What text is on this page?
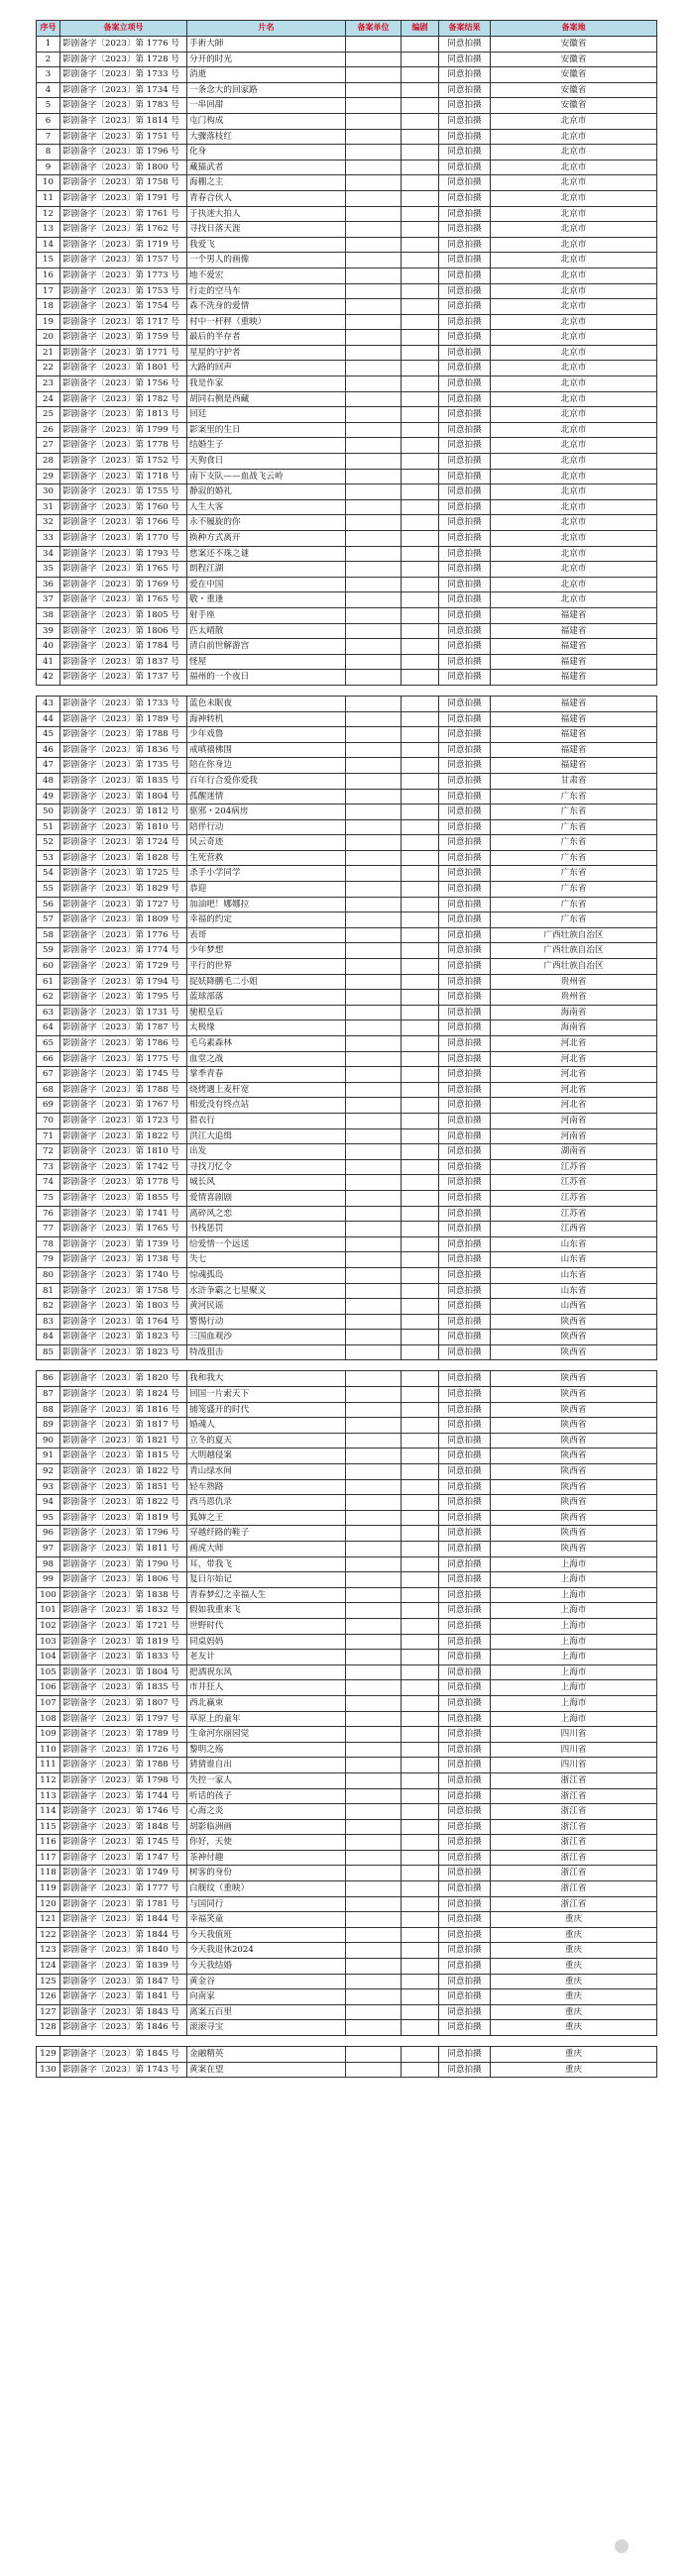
序号	备案立项号	片名	备案单位	编剧	备案结果	备案地
1	影剧备字〔2023〕第 1776 号	手術大師			同意拍摄	安徽省
2	影剧备字〔2023〕第 1728 号	分开的时光			同意拍摄	安徽省
3	影剧备字〔2023〕第 1733 号	消逝			同意拍摄	安徽省
4	影剧备字〔2023〕第 1734 号	一条念大的回家路			同意拍摄	安徽省
5	影剧备字〔2023〕第 1783 号	一串回甜			同意拍摄	安徽省
6	影剧备字〔2023〕第 1814 号	屯门构成			同意拍摄	北京市
7	影剧备字〔2023〕第 1751 号	大骤落枝红			同意拍摄	北京市
8	影剧备字〔2023〕第 1796 号	化身			同意拍摄	北京市
9	影剧备字〔2023〕第 1800 号	藏猫武者			同意拍摄	北京市
10	影剧备字〔2023〕第 1758 号	海棚之主			同意拍摄	北京市
11	影剧备字〔2023〕第 1791 号	青春合伙人			同意拍摄	北京市
12	影剧备字〔2023〕第 1761 号	于执迷大拍人			同意拍摄	北京市
13	影剧备字〔2023〕第 1762 号	寻找日落天涯			同意拍摄	北京市
14	影剧备字〔2023〕第 1719 号	我爱飞			同意拍摄	北京市
15	影剧备字〔2023〕第 1757 号	一个男人的画像			同意拍摄	北京市
16	影剧备字〔2023〕第 1773 号	地不爱宏			同意拍摄	北京市
17	影剧备字〔2023〕第 1753 号	行走的空马车			同意拍摄	北京市
18	影剧备字〔2023〕第 1754 号	森不洗身的爱情			同意拍摄	北京市
19	影剧备字〔2023〕第 1717 号	村中一杆秤（重映）			同意拍摄	北京市
20	影剧备字〔2023〕第 1759 号	最后的半存者			同意拍摄	北京市
21	影剧备字〔2023〕第 1771 号	星星的守护者			同意拍摄	北京市
22	影剧备字〔2023〕第 1801 号	大路的回声			同意拍摄	北京市
23	影剧备字〔2023〕第 1756 号	我是作家			同意拍摄	北京市
24	影剧备字〔2023〕第 1782 号	胡同右侧是西藏			同意拍摄	北京市
25	影剧备字〔2023〕第 1813 号	回廷			同意拍摄	北京市
26	影剧备字〔2023〕第 1799 号	影案里的生日			同意拍摄	北京市
27	影剧备字〔2023〕第 1778 号	结婚生子			同意拍摄	北京市
28	影剧备字〔2023〕第 1752 号	天狗食日			同意拍摄	北京市
29	影剧备字〔2023〕第 1718 号	南下支队——血战飞云岭			同意拍摄	北京市
30	影剧备字〔2023〕第 1755 号	静寂的婚礼			同意拍摄	北京市
31	影剧备字〔2023〕第 1760 号	人生大客			同意拍摄	北京市
32	影剧备字〔2023〕第 1766 号	永不履旋的你			同意拍摄	北京市
33	影剧备字〔2023〕第 1770 号	换种方式离开			同意拍摄	北京市
34	影剧备字〔2023〕第 1793 号	慈案还不珠之谜			同意拍摄	北京市
35	影剧备字〔2023〕第 1765 号	朗程江湖			同意拍摄	北京市
36	影剧备字〔2023〕第 1769 号	爱在中国			同意拍摄	北京市
37	影剧备字〔2023〕第 1765 号	敬・重逢			同意拍摄	北京市
38	影剧备字〔2023〕第 1805 号	射手座			同意拍摄	福建省
39	影剧备字〔2023〕第 1806 号	匹太晴散			同意拍摄	福建省
40	影剧备字〔2023〕第 1784 号	清白前世解游宫			同意拍摄	福建省
41	影剧备字〔2023〕第 1837 号	怪屋			同意拍摄	福建省
42	影剧备字〔2023〕第 1737 号	福州的一个夜日			同意拍摄	福建省
43	影剧备字〔2023〕第 1733 号	蓝色未眠夜			同意拍摄	福建省
44	影剧备字〔2023〕第 1789 号	海神转机			同意拍摄	福建省
45	影剧备字〔2023〕第 1788 号	少年戏鲁			同意拍摄	福建省
46	影剧备字〔2023〕第 1836 号	戒嗔禧佛围			同意拍摄	福建省
47	影剧备字〔2023〕第 1735 号	陪在你身边			同意拍摄	福建省
48	影剧备字〔2023〕第 1835 号	百年行合爱你爱我			同意拍摄	甘肃省
49	影剧备字〔2023〕第 1804 号	孤醒迷情			同意拍摄	广东省
50	影剧备字〔2023〕第 1812 号	驱邪・204病房			同意拍摄	广东省
51	影剧备字〔2023〕第 1810 号	陪伴行动			同意拍摄	广东省
52	影剧备字〔2023〕第 1724 号	风云奇迹			同意拍摄	广东省
53	影剧备字〔2023〕第 1828 号	生死营救			同意拍摄	广东省
54	影剧备字〔2023〕第 1725 号	杀手小学同学			同意拍摄	广东省
55	影剧备字〔2023〕第 1829 号	恭迎			同意拍摄	广东省
56	影剧备字〔2023〕第 1727 号	加油吧！娜娜拉			同意拍摄	广东省
57	影剧备字〔2023〕第 1809 号	幸福的约定			同意拍摄	广东省
58	影剧备字〔2023〕第 1776 号	表哥			同意拍摄	广西壮族自治区
59	影剧备字〔2023〕第 1774 号	少年梦想			同意拍摄	广西壮族自治区
60	影剧备字〔2023〕第 1729 号	平行的世界			同意拍摄	广西壮族自治区
61	影剧备字〔2023〕第 1794 号	捉妖降鹏毛二小姐			同意拍摄	贵州省
62	影剧备字〔2023〕第 1795 号	蓝球部落			同意拍摄	贵州省
63	影剧备字〔2023〕第 1731 号	驰根皇后			同意拍摄	海南省
64	影剧备字〔2023〕第 1787 号	太极缘			同意拍摄	海南省
65	影剧备字〔2023〕第 1786 号	毛乌素森林			同意拍摄	河北省
66	影剧备字〔2023〕第 1775 号	血堂之战			同意拍摄	河北省
67	影剧备字〔2023〕第 1745 号	掌季青春			同意拍摄	河北省
68	影剧备字〔2023〕第 1788 号	烧烤遇上麦杆宽			同意拍摄	河北省
69	影剧备字〔2023〕第 1767 号	相爱没有终点站			同意拍摄	河北省
70	影剧备字〔2023〕第 1723 号	猎衣行			同意拍摄	河南省
71	影剧备字〔2023〕第 1822 号	洪江大追缉			同意拍摄	河南省
72	影剧备字〔2023〕第 1810 号	出发			同意拍摄	湖南省
73	影剧备字〔2023〕第 1742 号	寻找刀忆令			同意拍摄	江苏省
74	影剧备字〔2023〕第 1778 号	城长风			同意拍摄	江苏省
75	影剧备字〔2023〕第 1855 号	爱情喜剧剧			同意拍摄	江苏省
76	影剧备字〔2023〕第 1741 号	离碎风之恋			同意拍摄	江苏省
77	影剧备字〔2023〕第 1765 号	书栈惩罚			同意拍摄	江西省
78	影剧备字〔2023〕第 1739 号	给爱情一个远送			同意拍摄	山东省
79	影剧备字〔2023〕第 1738 号	失七			同意拍摄	山东省
80	影剧备字〔2023〕第 1740 号	惊魂孤岛			同意拍摄	山东省
81	影剧备字〔2023〕第 1758 号	水浒争霸之七星聚义			同意拍摄	山东省
82	影剧备字〔2023〕第 1803 号	黄河民谣			同意拍摄	山西省
83	影剧备字〔2023〕第 1764 号	警惕行动			同意拍摄	陕西省
84	影剧备字〔2023〕第 1823 号	三国血观沙			同意拍摄	陕西省
85	影剧备字〔2023〕第 1823 号	特战狙击			同意拍摄	陕西省
86	影剧备字〔2023〕第 1820 号	我和我大			同意拍摄	陕西省
87	影剧备字〔2023〕第 1824 号	回国一片索天下			同意拍摄	陕西省
88	影剧备字〔2023〕第 1816 号	捕笼盛开的时代			同意拍摄	陕西省
89	影剧备字〔2023〕第 1817 号	婚魂人			同意拍摄	陕西省
90	影剧备字〔2023〕第 1821 号	立冬的夏天			同意拍摄	陕西省
91	影剧备字〔2023〕第 1815 号	大明越侵案			同意拍摄	陕西省
92	影剧备字〔2023〕第 1822 号	青山绿水间			同意拍摄	陕西省
93	影剧备字〔2023〕第 1851 号	轻车熟路			同意拍摄	陕西省
94	影剧备字〔2023〕第 1822 号	西马恩仇录			同意拍摄	陕西省
95	影剧备字〔2023〕第 1819 号	狐婶之王			同意拍摄	陕西省
96	影剧备字〔2023〕第 1796 号	穿越纤路的鞋子			同意拍摄	陕西省
97	影剧备字〔2023〕第 1811 号	画虎大师			同意拍摄	陕西省
98	影剧备字〔2023〕第 1790 号	耳，带我飞			同意拍摄	上海市
99	影剧备字〔2023〕第 1806 号	复日尔始记			同意拍摄	上海市
100	影剧备字〔2023〕第 1838 号	青春梦幻之幸福人生			同意拍摄	上海市
101	影剧备字〔2023〕第 1832 号	假如我重来飞			同意拍摄	上海市
102	影剧备字〔2023〕第 1721 号	世野时代			同意拍摄	上海市
103	影剧备字〔2023〕第 1819 号	同桌妈妈			同意拍摄	上海市
104	影剧备字〔2023〕第 1833 号	老友计			同意拍摄	上海市
105	影剧备字〔2023〕第 1804 号	把酒祝东风			同意拍摄	上海市
106	影剧备字〔2023〕第 1835 号	市井狂人			同意拍摄	上海市
107	影剧备字〔2023〕第 1807 号	西北赢束			同意拍摄	上海市
108	影剧备字〔2023〕第 1797 号	草原上的童年			同意拍摄	上海市
109	影剧备字〔2023〕第 1789 号	生命河东丽园觉			同意拍摄	四川省
110	影剧备字〔2023〕第 1726 号	黎明之殇			同意拍摄	四川省
111	影剧备字〔2023〕第 1788 号	猜猜谁自出			同意拍摄	四川省
112	影剧备字〔2023〕第 1798 号	失控一家人			同意拍摄	浙江省
113	影剧备字〔2023〕第 1744 号	听话的孩子			同意拍摄	浙江省
114	影剧备字〔2023〕第 1746 号	心海之炎			同意拍摄	浙江省
115	影剧备字〔2023〕第 1848 号	胡影临洲画			同意拍摄	浙江省
116	影剧备字〔2023〕第 1745 号	你好，天使			同意拍摄	浙江省
117	影剧备字〔2023〕第 1747 号	茶神付趣			同意拍摄	浙江省
118	影剧备字〔2023〕第 1749 号	树客的身份			同意拍摄	浙江省
119	影剧备字〔2023〕第 1777 号	白舰纹（重映）			同意拍摄	浙江省
120	影剧备字〔2023〕第 1781 号	与国同行			同意拍摄	浙江省
121	影剧备字〔2023〕第 1844 号	幸福笑童			同意拍摄	重庆
122	影剧备字〔2023〕第 1844 号	今天我值班			同意拍摄	重庆
123	影剧备字〔2023〕第 1840 号	今天我退休2024			同意拍摄	重庆
124	影剧备字〔2023〕第 1839 号	今天我结婚			同意拍摄	重庆
125	影剧备字〔2023〕第 1847 号	黄金谷			同意拍摄	重庆
126	影剧备字〔2023〕第 1841 号	向南家			同意拍摄	重庆
127	影剧备字〔2023〕第 1843 号	离案五百里			同意拍摄	重庆
128	影剧备字〔2023〕第 1846 号	滚滚寻宝			同意拍摄	重庆
129	影剧备字〔2023〕第 1845 号	金融精英			同意拍摄	重庆
130	影剧备字〔2023〕第 1743 号	黄案在望			同意拍摄	重庆
